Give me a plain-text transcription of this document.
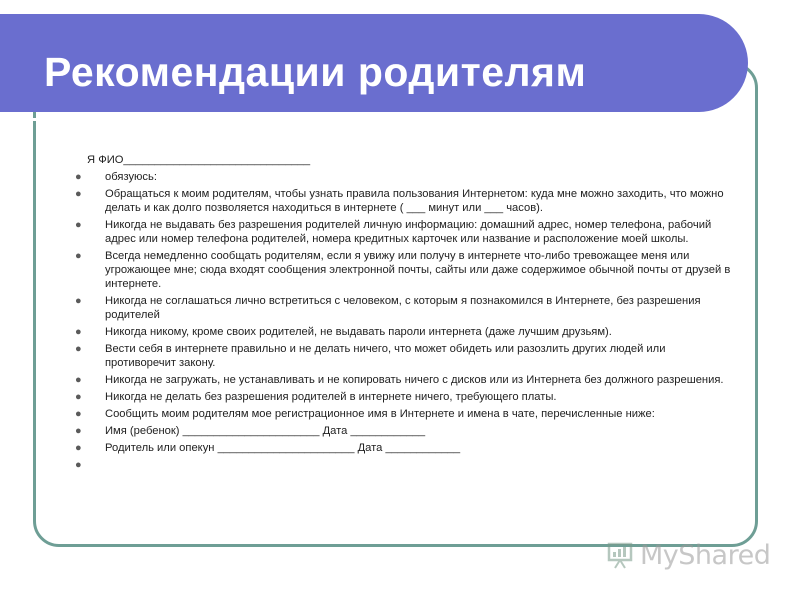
Рекомендации родителям
Я ФИО______________________________
● обязуюсь:
● Обращаться к моим родителям, чтобы узнать правила пользования Интернетом: куда мне можно заходить, что можно делать и как долго позволяется находиться в интернете ( ___ минут или ___ часов).
● Никогда не выдавать без разрешения родителей личную информацию: домашний адрес, номер телефона, рабочий адрес или номер телефона родителей, номера кредитных карточек или название и расположение моей школы.
● Всегда немедленно сообщать родителям, если я увижу или получу в интернете что-либо тревожащее меня или угрожающее мне; сюда входят сообщения электронной почты, сайты или даже содержимое обычной почты от друзей в интернете.
● Никогда не соглашаться лично встретиться с человеком, с которым я познакомился в Интернете, без разрешения родителей
● Никогда никому, кроме своих родителей, не выдавать пароли интернета (даже лучшим друзьям).
● Вести себя в интернете правильно и не делать ничего, что может обидеть или разозлить других людей или противоречит закону.
● Никогда не загружать, не устанавливать и не копировать ничего с дисков или из Интернета без должного разрешения.
● Никогда не делать без разрешения родителей в интернете ничего, требующего платы.
● Сообщить моим родителям мое регистрационное имя в Интернете и имена в чате, перечисленные ниже:
● Имя (ребенок) ______________________ Дата ____________
● Родитель или опекун ______________________ Дата ____________
●

MyShared
